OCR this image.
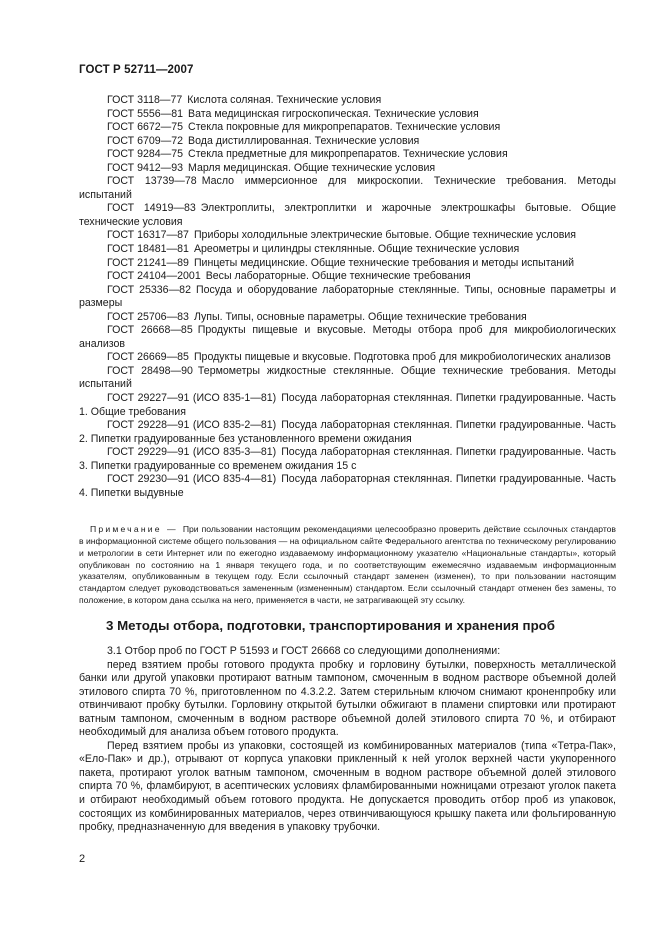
ГОСТ Р 52711—2007
ГОСТ 3118—77 Кислота соляная. Технические условия
ГОСТ 5556—81 Вата медицинская гигроскопическая. Технические условия
ГОСТ 6672—75 Стекла покровные для микропрепаратов. Технические условия
ГОСТ 6709—72 Вода дистиллированная. Технические условия
ГОСТ 9284—75 Стекла предметные для микропрепаратов. Технические условия
ГОСТ 9412—93 Марля медицинская. Общие технические условия
ГОСТ 13739—78 Масло иммерсионное для микроскопии. Технические требования. Методы испытаний
ГОСТ 14919—83 Электроплиты, электроплитки и жарочные электрошкафы бытовые. Общие технические условия
ГОСТ 16317—87 Приборы холодильные электрические бытовые. Общие технические условия
ГОСТ 18481—81 Ареометры и цилиндры стеклянные. Общие технические условия
ГОСТ 21241—89 Пинцеты медицинские. Общие технические требования и методы испытаний
ГОСТ 24104—2001 Весы лабораторные. Общие технические требования
ГОСТ 25336—82 Посуда и оборудование лабораторные стеклянные. Типы, основные параметры и размеры
ГОСТ 25706—83 Лупы. Типы, основные параметры. Общие технические требования
ГОСТ 26668—85 Продукты пищевые и вкусовые. Методы отбора проб для микробиологических анализов
ГОСТ 26669—85 Продукты пищевые и вкусовые. Подготовка проб для микробиологических анализов
ГОСТ 28498—90 Термометры жидкостные стеклянные. Общие технические требования. Методы испытаний
ГОСТ 29227—91 (ИСО 835-1—81) Посуда лабораторная стеклянная. Пипетки градуированные. Часть 1. Общие требования
ГОСТ 29228—91 (ИСО 835-2—81) Посуда лабораторная стеклянная. Пипетки градуированные. Часть 2. Пипетки градуированные без установленного времени ожидания
ГОСТ 29229—91 (ИСО 835-3—81) Посуда лабораторная стеклянная. Пипетки градуированные. Часть 3. Пипетки градуированные со временем ожидания 15 с
ГОСТ 29230—91 (ИСО 835-4—81) Посуда лабораторная стеклянная. Пипетки градуированные. Часть 4. Пипетки выдувные
Примечание — При пользовании настоящим рекомендациями целесообразно проверить действие ссылочных стандартов в информационной системе общего пользования — на официальном сайте Федерального агентства по техническому регулированию и метрологии в сети Интернет или по ежегодно издаваемому информационному указателю «Национальные стандарты», который опубликован по состоянию на 1 января текущего года, и по соответствующим ежемесячно издаваемым информационным указателям, опубликованным в текущем году. Если ссылочный стандарт заменен (изменен), то при пользовании настоящим стандартом следует руководствоваться замененным (измененным) стандартом. Если ссылочный стандарт отменен без замены, то положение, в котором дана ссылка на него, применяется в части, не затрагивающей эту ссылку.
3 Методы отбора, подготовки, транспортирования и хранения проб

3.1 Отбор проб по ГОСТ Р 51593 и ГОСТ 26668 со следующими дополнениями:

перед взятием пробы готового продукта пробку и горловину бутылки, поверхность металлической банки или другой упаковки протирают ватным тампоном, смоченным в водном растворе объемной долей этилового спирта 70 %, приготовленном по 4.3.2.2. Затем стерильным ключом снимают кроненпробку или отвинчивают пробку бутылки. Горловину открытой бутылки обжигают в пламени спиртовки или протирают ватным тампоном, смоченным в водном растворе объемной долей этилового спирта 70 %, и отбирают необходимый для анализа объем готового продукта.

Перед взятием пробы из упаковки, состоящей из комбинированных материалов (типа «Тетра-Пак», «Ело-Пак» и др.), отрывают от корпуса упаковки прикленный к ней уголок верхней части укупоренного пакета, протирают уголок ватным тампоном, смоченным в водном растворе объемной долей этилового спирта 70 %, фламбируют, в асептических условиях фламбированными ножницами отрезают уголок пакета и отбирают необходимый объем готового продукта. Не допускается проводить отбор проб из упаковок, состоящих из комбинированных материалов, через отвинчивающуюся крышку пакета или фольгированную пробку, предназначенную для введения в упаковку трубочки.

2
